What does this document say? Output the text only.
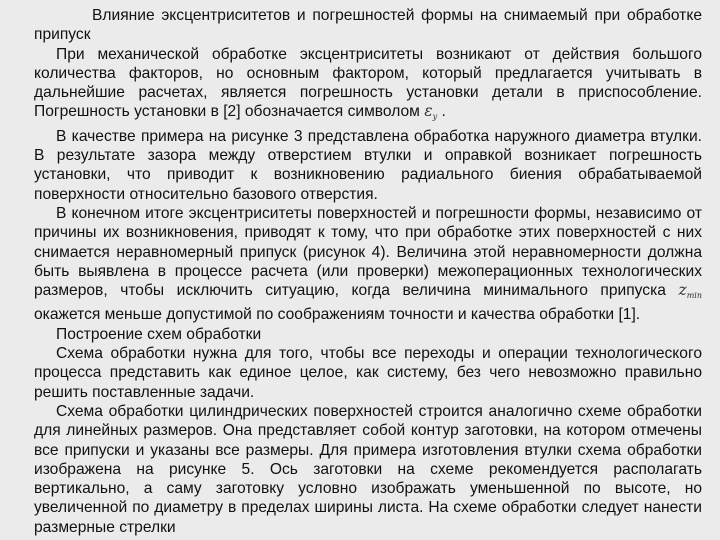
Влияние эксцентриситетов и погрешностей формы на снимаемый при обработке припуск

При механической обработке эксцентриситеты возникают от действия большого количества факторов, но основным фактором, который предлагается учитывать в дальнейшие расчетах, является погрешность установки детали в приспособление. Погрешность установки в [2] обозначается символом $\varepsilon_y$ .

В качестве примера на рисунке 3 представлена обработка наружного диаметра втулки. В результате зазора между отверстием втулки и оправкой возникает погрешность установки, что приводит к возникновению радиального биения обрабатываемой поверхности относительно базового отверстия.

В конечном итоге эксцентриситеты поверхностей и погрешности формы, независимо от причины их возникновения, приводят к тому, что при обработке этих поверхностей с них снимается неравномерный припуск (рисунок 4). Величина этой неравномерности должна быть выявлена в процессе расчета (или проверки) межоперационных технологических размеров, чтобы исключить ситуацию, когда величина минимального припуска $z_{min}$ окажется меньше допустимой по соображениям точности и качества обработки [1].

Построение схем обработки

Схема обработки нужна для того, чтобы все переходы и операции технологического процесса представить как единое целое, как систему, без чего невозможно правильно решить поставленные задачи.

Схема обработки цилиндрических поверхностей строится аналогично схеме обработки для линейных размеров. Она представляет собой контур заготовки, на котором отмечены все припуски и указаны все размеры. Для примера изготовления втулки схема обработки изображена на рисунке 5. Ось заготовки на схеме рекомендуется располагать вертикально, а саму заготовку условно изображать уменьшенной по высоте, но увеличенной по диаметру в пределах ширины листа. На схеме обработки следует нанести размерные стрелки
